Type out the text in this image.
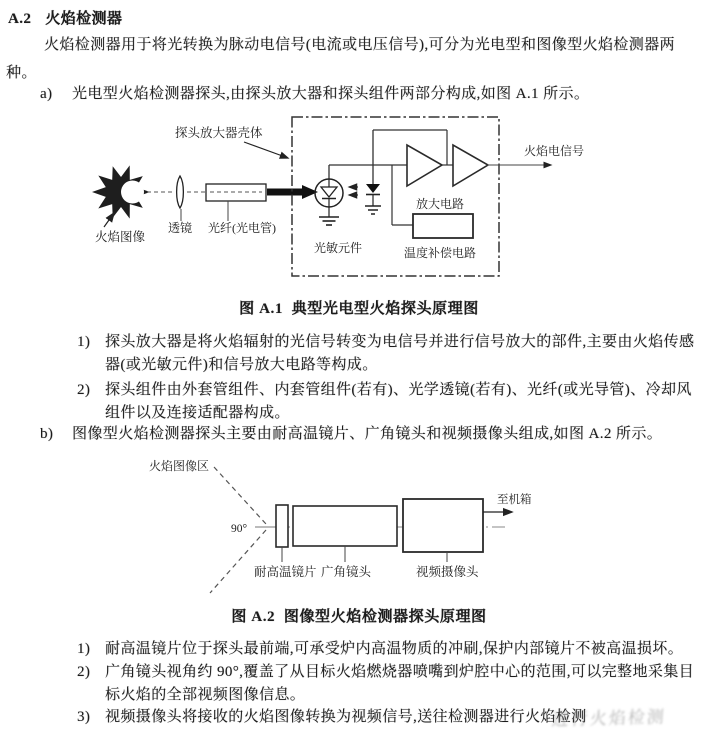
A.2 火焰检测器
火焰检测器用于将光转换为脉动电信号(电流或电压信号),可分为光电型和图像型火焰检测器两种。
a)	光电型火焰检测器探头,由探头放大器和探头组件两部分构成,如图 A.1 所示。
火焰图像
透镜 光纤(光电管)
探头放大器壳体
光敏元件
放大电路
温度补偿电路
火焰电信号
图 A.1  典型光电型火焰探头原理图
1) 探头放大器是将火焰辐射的光信号转变为电信号并进行信号放大的部件,主要由火焰传感器(或光敏元件)和信号放大电路等构成。
2) 探头组件由外套管组件、内套管组件(若有)、光学透镜(若有)、光纤(或光导管)、冷却风组件以及连接适配器构成。
b)	图像型火焰检测器探头主要由耐高温镜片、广角镜头和视频摄像头组成,如图 A.2 所示。
火焰图像区
90°
至机箱
耐高温镜片 广角镜头	视频摄像头
图 A.2  图像型火焰检测器探头原理图
1) 耐高温镜片位于探头最前端,可承受炉内高温物质的冲刷,保护内部镜片不被高温损坏。
2) 广角镜头视角约 90°,覆盖了从目标火焰燃烧器喷嘴到炉腔中心的范围,可以完整地采集目标火焰的全部视频图像信息。
3) 视频摄像头将接收的火焰图像转换为视频信号,送往检测器进行火焰检测
进行火焰检测
